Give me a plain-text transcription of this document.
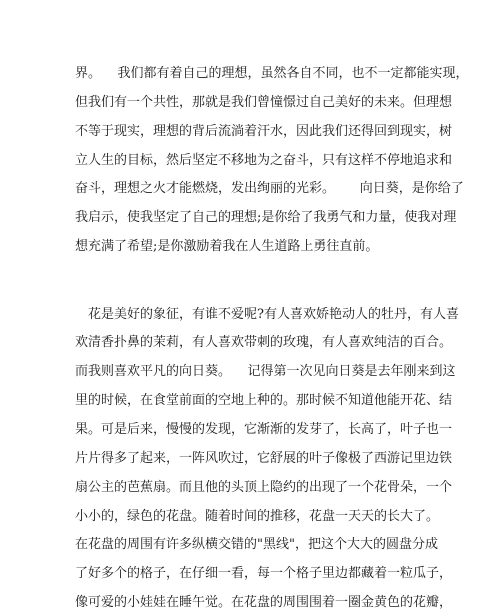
界。    我们都有着自己的理想，虽然各自不同，也不一定都能实现，
但我们有一个共性，那就是我们曾憧憬过自己美好的未来。但理想
不等于现实，理想的背后流淌着汗水，因此我们还得回到现实，树
立人生的目标，然后坚定不移地为之奋斗，只有这样不停地追求和
奋斗，理想之火才能燃烧，发出绚丽的光彩。      向日葵，是你给了
我启示，使我坚定了自己的理想;是你给了我勇气和力量，使我对理
想充满了希望;是你激励着我在人生道路上勇往直前。
花是美好的象征，有谁不爱呢?有人喜欢娇艳动人的牡丹，有人喜
欢清香扑鼻的茉莉，有人喜欢带刺的玫瑰，有人喜欢纯洁的百合。
而我则喜欢平凡的向日葵。    记得第一次见向日葵是去年刚来到这
里的时候，在食堂前面的空地上种的。那时候不知道他能开花、结
果。可是后来，慢慢的发现，它渐渐的发芽了，长高了，叶子也一
片片得多了起来，一阵风吹过，它舒展的叶子像极了西游记里边铁
扇公主的芭蕉扇。而且他的头顶上隐约的出现了一个花骨朵，一个
小小的，绿色的花盘。随着时间的推移，花盘一天天的长大了。
在花盘的周围有许多纵横交错的"黑线"，把这个大大的圆盘分成
了好多个的格子，在仔细一看，每一个格子里边都藏着一粒瓜子，
像可爱的小娃娃在睡午觉。在花盘的周围围着一圈金黄色的花瓣，
